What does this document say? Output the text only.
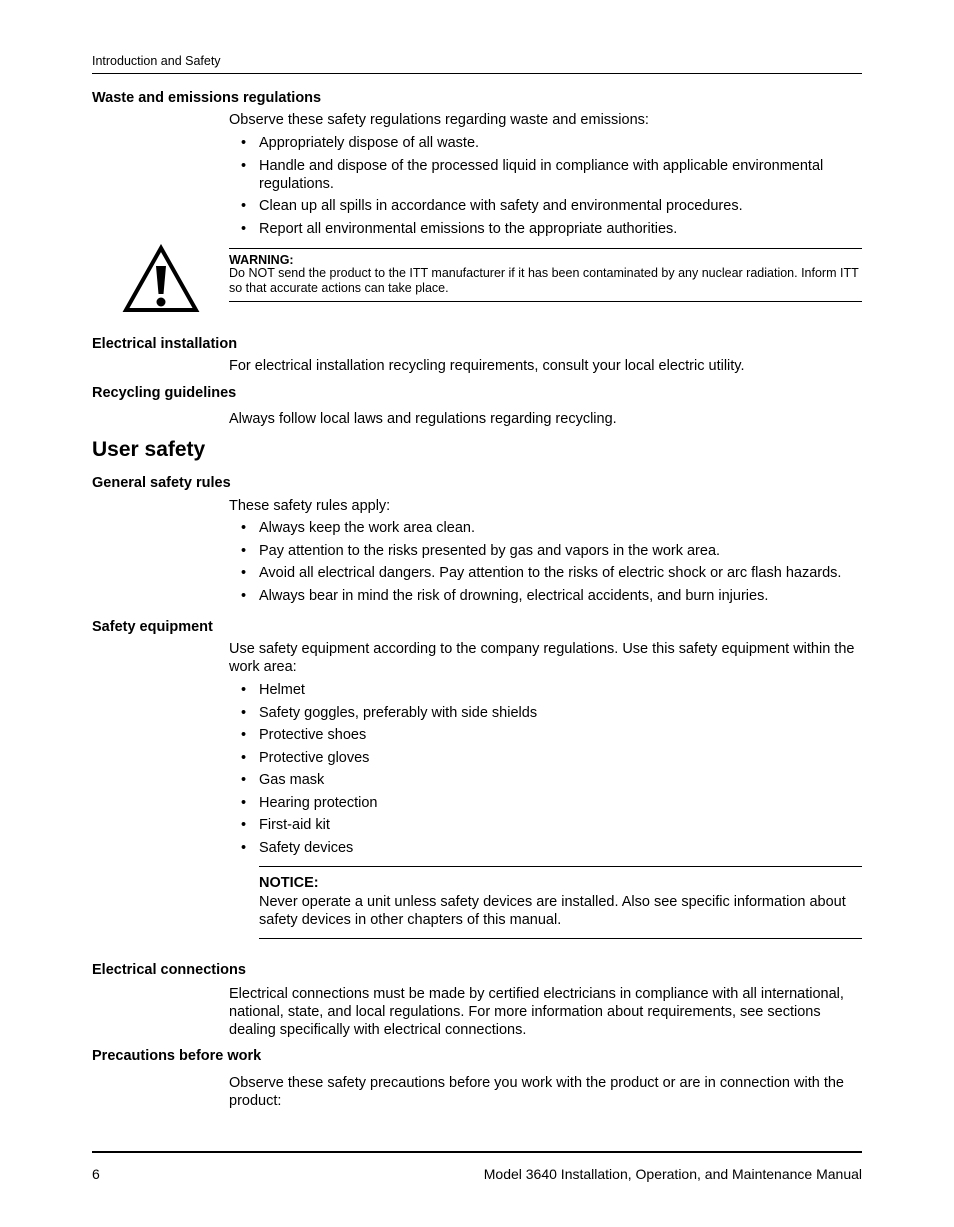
Introduction and Safety
Waste and emissions regulations
Observe these safety regulations regarding waste and emissions:
• Appropriately dispose of all waste.
• Handle and dispose of the processed liquid in compliance with applicable environmental regulations.
• Clean up all spills in accordance with safety and environmental procedures.
• Report all environmental emissions to the appropriate authorities.
WARNING:
Do NOT send the product to the ITT manufacturer if it has been contaminated by any nuclear radiation. Inform ITT so that accurate actions can take place.
Electrical installation
For electrical installation recycling requirements, consult your local electric utility.
Recycling guidelines
Always follow local laws and regulations regarding recycling.
User safety
General safety rules
These safety rules apply:
• Always keep the work area clean.
• Pay attention to the risks presented by gas and vapors in the work area.
• Avoid all electrical dangers. Pay attention to the risks of electric shock or arc flash hazards.
• Always bear in mind the risk of drowning, electrical accidents, and burn injuries.
Safety equipment
Use safety equipment according to the company regulations. Use this safety equipment within the work area:
• Helmet
• Safety goggles, preferably with side shields
• Protective shoes
• Protective gloves
• Gas mask
• Hearing protection
• First-aid kit
• Safety devices
NOTICE:
Never operate a unit unless safety devices are installed. Also see specific information about safety devices in other chapters of this manual.
Electrical connections
Electrical connections must be made by certified electricians in compliance with all international, national, state, and local regulations. For more information about requirements, see sections dealing specifically with electrical connections.
Precautions before work
Observe these safety precautions before you work with the product or are in connection with the product:
6	Model 3640 Installation, Operation, and Maintenance Manual
